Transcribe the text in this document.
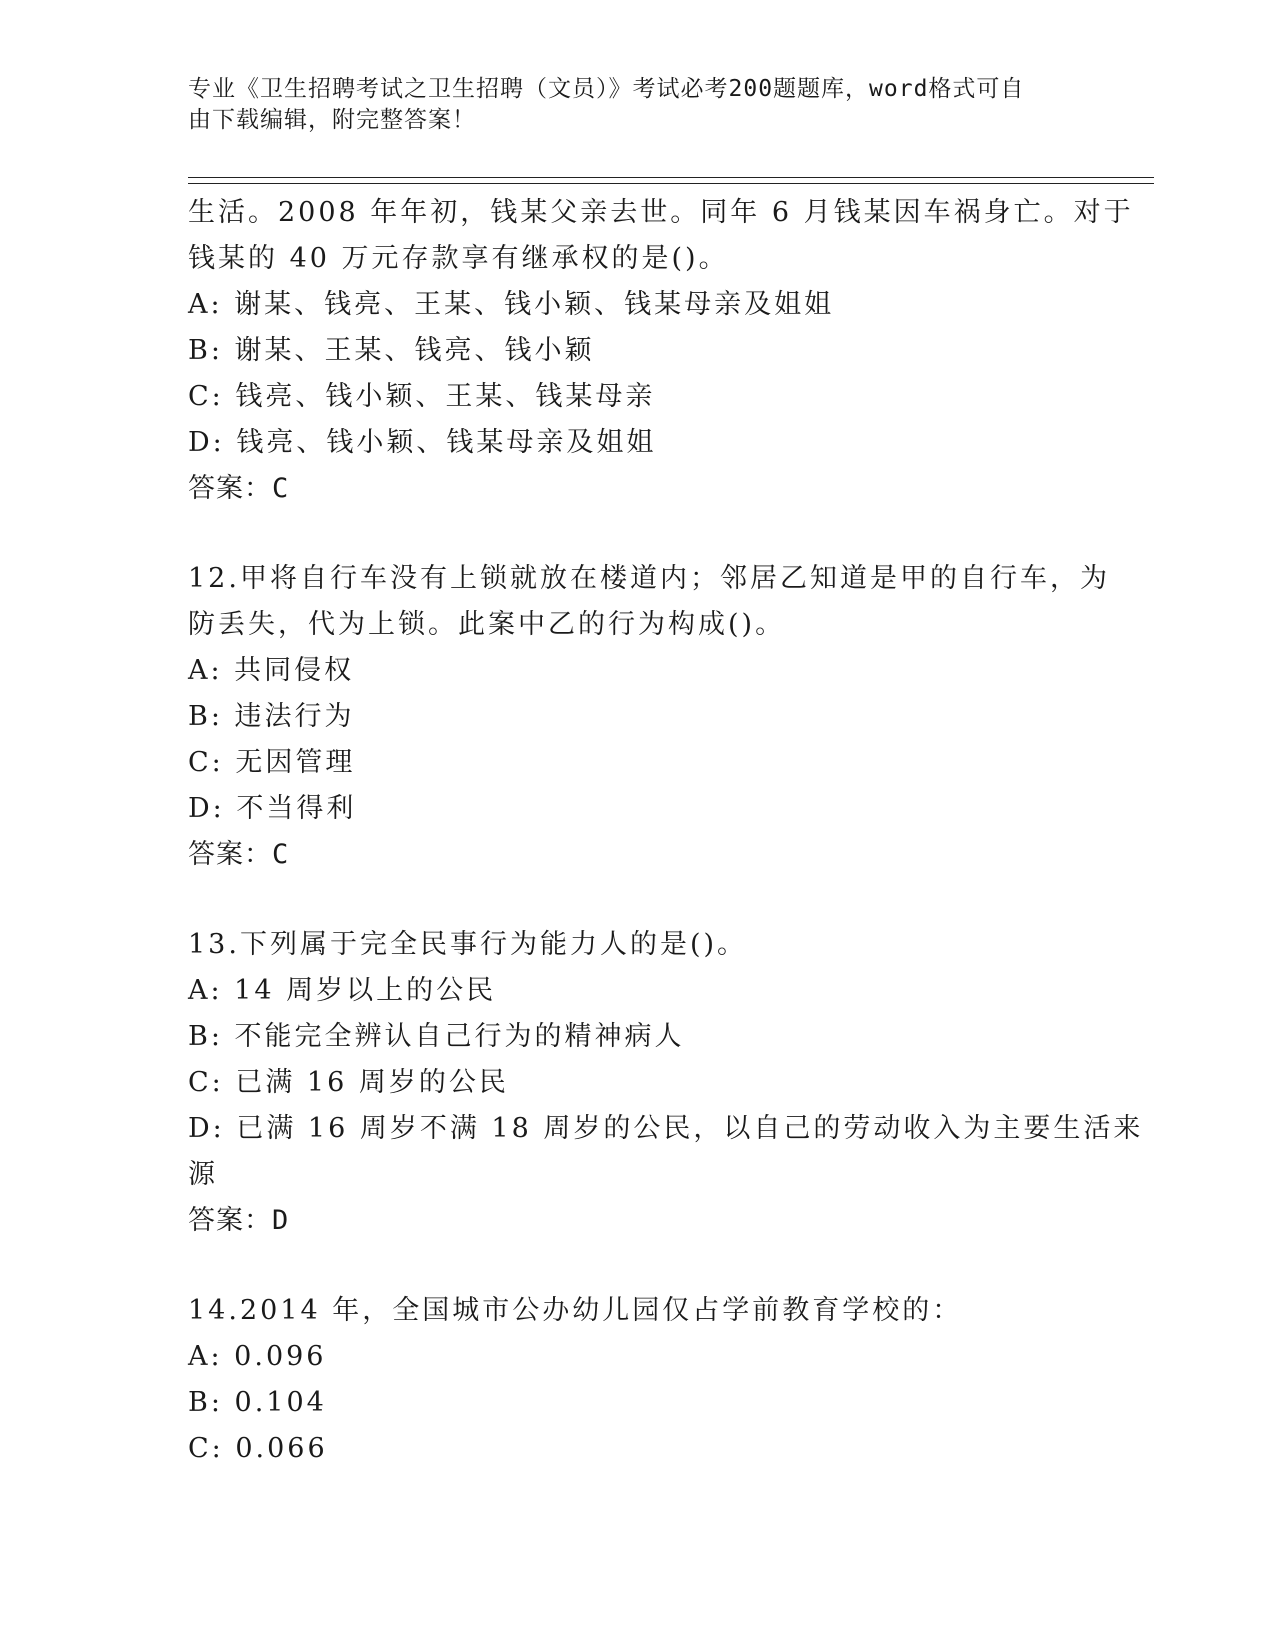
专业《卫生招聘考试之卫生招聘（文员）》考试必考200题题库，word格式可自
由下载编辑，附完整答案！
生活。2008 年年初，钱某父亲去世。同年 6 月钱某因车祸身亡。对于
钱某的 40 万元存款享有继承权的是()。
A: 谢某、钱亮、王某、钱小颖、钱某母亲及姐姐
B: 谢某、王某、钱亮、钱小颖
C: 钱亮、钱小颖、王某、钱某母亲
D: 钱亮、钱小颖、钱某母亲及姐姐
答案：C
12.甲将自行车没有上锁就放在楼道内；邻居乙知道是甲的自行车，为
防丢失，代为上锁。此案中乙的行为构成()。
A: 共同侵权
B: 违法行为
C: 无因管理
D: 不当得利
答案：C
13.下列属于完全民事行为能力人的是()。
A: 14 周岁以上的公民
B: 不能完全辨认自己行为的精神病人
C: 已满 16 周岁的公民
D: 已满 16 周岁不满 18 周岁的公民，以自己的劳动收入为主要生活来
源
答案：D
14.2014 年，全国城市公办幼儿园仅占学前教育学校的：
A: 0.096
B: 0.104
C: 0.066
